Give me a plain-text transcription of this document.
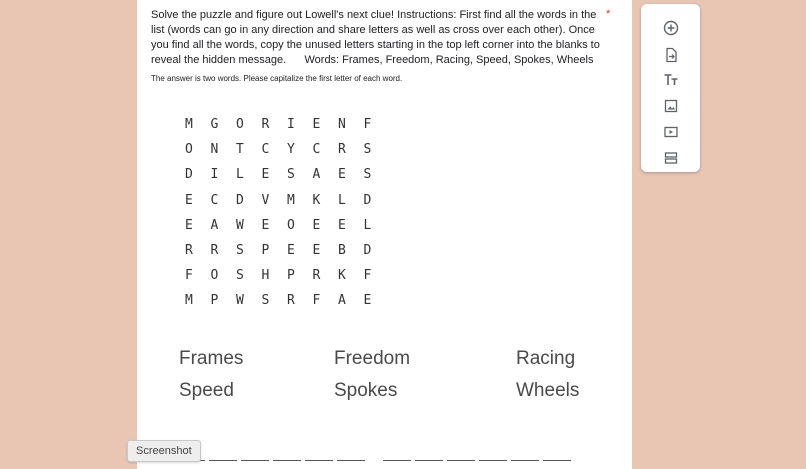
Solve the puzzle and figure out Lowell's next clue! Instructions: First find all the words in the list (words can go in any direction and share letters as well as cross over each other). Once you find all the words, copy the unused letters starting in the top left corner into the blanks to reveal the hidden message.      Words: Frames, Freedom, Racing, Speed, Spokes, Wheels
*
The answer is two words. Please capitalize the first letter of each word.
M	G	O	R	I	E	N	F
O	N	T	C	Y	C	R	S
D	I	L	E	S	A	E	S
E	C	D	V	M	K	L	D
E	A	W	E	O	E	E	L
R	R	S	P	E	E	B	D
F	O	S	H	P	R	K	F
M	P	W	S	R	F	A	E
Frames	Freedom	Racing
Speed	Spokes	Wheels
Screenshot
